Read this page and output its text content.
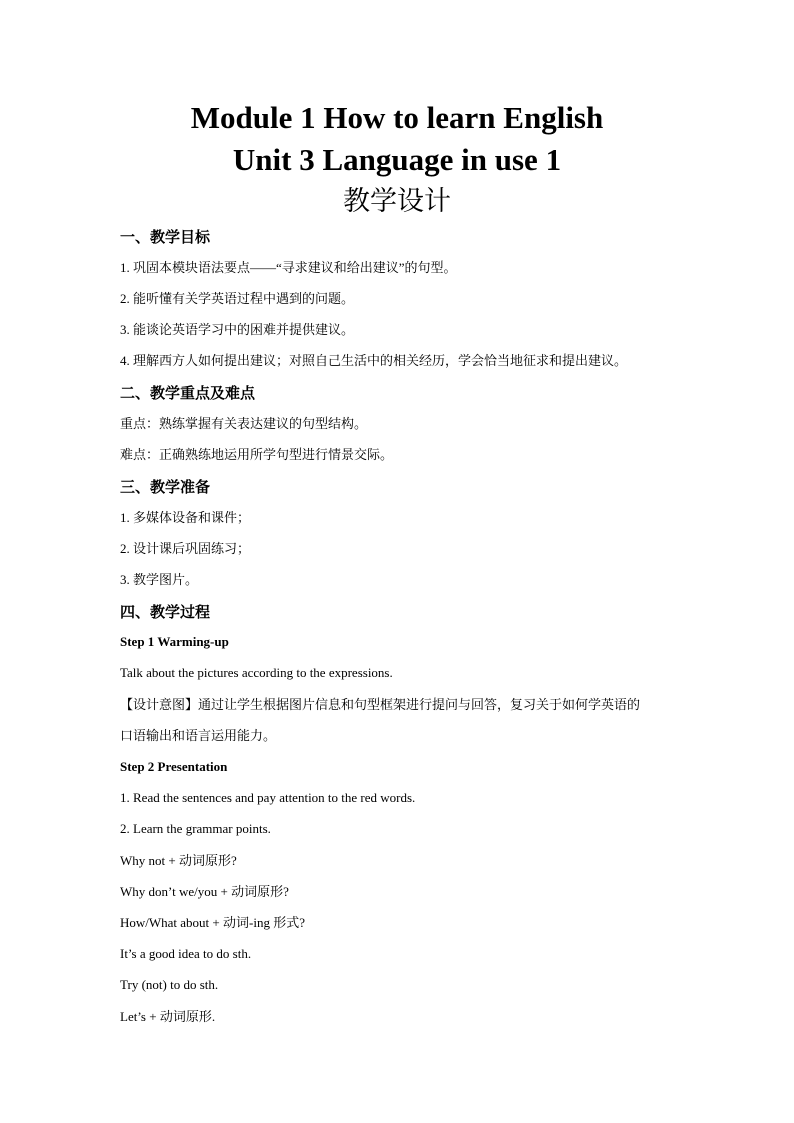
Module 1 How to learn English
Unit 3 Language in use 1
教学设计
一、教学目标
1. 巩固本模块语法要点——“寻求建议和给出建议”的句型。
2. 能听懂有关学英语过程中遇到的问题。
3. 能谈论英语学习中的困难并提供建议。
4. 理解西方人如何提出建议；对照自己生活中的相关经历，学会恰当地征求和提出建议。
二、教学重点及难点
重点：熟练掌握有关表达建议的句型结构。
难点：正确熟练地运用所学句型进行情景交际。
三、教学准备
1. 多媒体设备和课件；
2. 设计课后巩固练习；
3. 教学图片。
四、教学过程
Step 1 Warming-up
Talk about the pictures according to the expressions.
【设计意图】通过让学生根据图片信息和句型框架进行提问与回答，复习关于如何学英语的
口语输出和语言运用能力。
Step 2 Presentation
1. Read the sentences and pay attention to the red words.
2. Learn the grammar points.
Why not + 动词原形?
Why don’t we/you + 动词原形?
How/What about + 动词-ing 形式?
It’s a good idea to do sth.
Try (not) to do sth.
Let’s + 动词原形.
